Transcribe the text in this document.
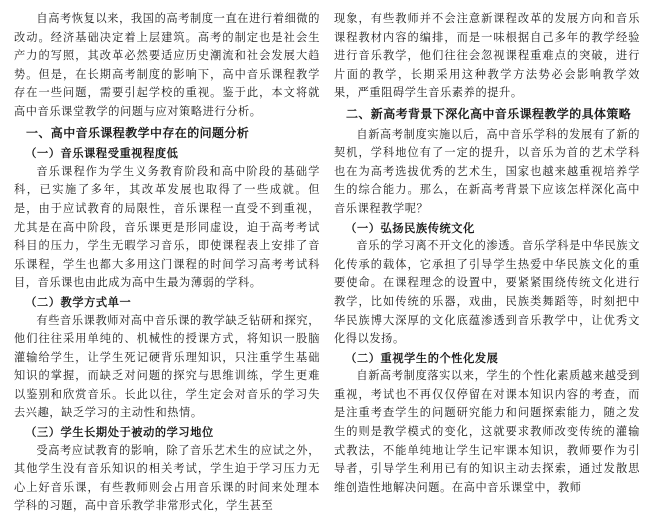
自高考恢复以来，我国的高考制度一直在进行着细微的改动。经济基础决定着上层建筑。高考的制定也是社会生产力的写照，其改革必然要适应历史潮流和社会发展大趋势。但是，在长期高考制度的影响下，高中音乐课程教学存在一些问题，需要引起学校的重视。鉴于此，本文将就高中音乐课堂教学的问题与应对策略进行分析。

一、高中音乐课程教学中存在的问题分析
（一）音乐课程受重视程度低

音乐课程作为学生义务教育阶段和高中阶段的基础学科，已实施了多年，其改革发展也取得了一些成就。但是，由于应试教育的局限性，音乐课程一直受不到重视，尤其是在高中阶段，音乐课更是形同虚设，迫于高考考试科目的压力，学生无暇学习音乐，即使课程表上安排了音乐课程，学生也都大多用这门课程的时间学习高考考试科目，音乐课也由此成为高中生最为薄弱的学科。

（二）教学方式单一

有些音乐课教师对高中音乐课的教学缺乏钻研和探究，他们往往采用单纯的、机械性的授课方式，将知识一股脑灌输给学生，让学生死记硬背乐理知识，只注重学生基础知识的掌握，而缺乏对问题的探究与思维训练，学生更难以鉴别和欣赏音乐。长此以往，学生定会对音乐的学习失去兴趣，缺乏学习的主动性和热情。

（三）学生长期处于被动的学习地位

受高考应试教育的影响，除了音乐艺术生的应试之外，其他学生没有音乐知识的相关考试，学生迫于学习压力无心上好音乐课，有些教师则会占用音乐课的时间来处理本学科的习题，高中音乐教学非常形式化，学生甚至

现象，有些教师并不会注意新课程改革的发展方向和音乐课程教材内容的编排，而是一味根据自己多年的教学经验进行音乐教学，他们往往会忽视课程重难点的突破，进行片面的教学，长期采用这种教学方法势必会影响教学效果，严重阻碍学生音乐素养的提升。

二、新高考背景下深化高中音乐课程教学的具体策略

自新高考制度实施以后，高中音乐学科的发展有了新的契机，学科地位有了一定的提升，以音乐为首的艺术学科也在为高考选拔优秀的艺术生，国家也越来越重视培养学生的综合能力。那么，在新高考背景下应该怎样深化高中音乐课程教学呢？

（一）弘扬民族传统文化

音乐的学习离不开文化的渗透。音乐学科是中华民族文化传承的载体，它承担了引导学生热爱中华民族文化的重要使命。在课程理念的设置中，要紧紧围绕传统文化进行教学，比如传统的乐器，戏曲，民族类舞蹈等，时刻把中华民族博大深厚的文化底蕴渗透到音乐教学中，让优秀文化得以发扬。

（二）重视学生的个性化发展

自新高考制度落实以来，学生的个性化素质越来越受到重视，考试也不再仅仅停留在对课本知识内容的考查，而是注重考查学生的问题研究能力和问题探索能力，随之发生的则是教学模式的变化，这就要求教师改变传统的灌输式教法，不能单纯地让学生记牢课本知识，教师要作为引导者，引导学生利用已有的知识主动去探索，通过发散思维创造性地解决问题。在高中音乐课堂中，教师
